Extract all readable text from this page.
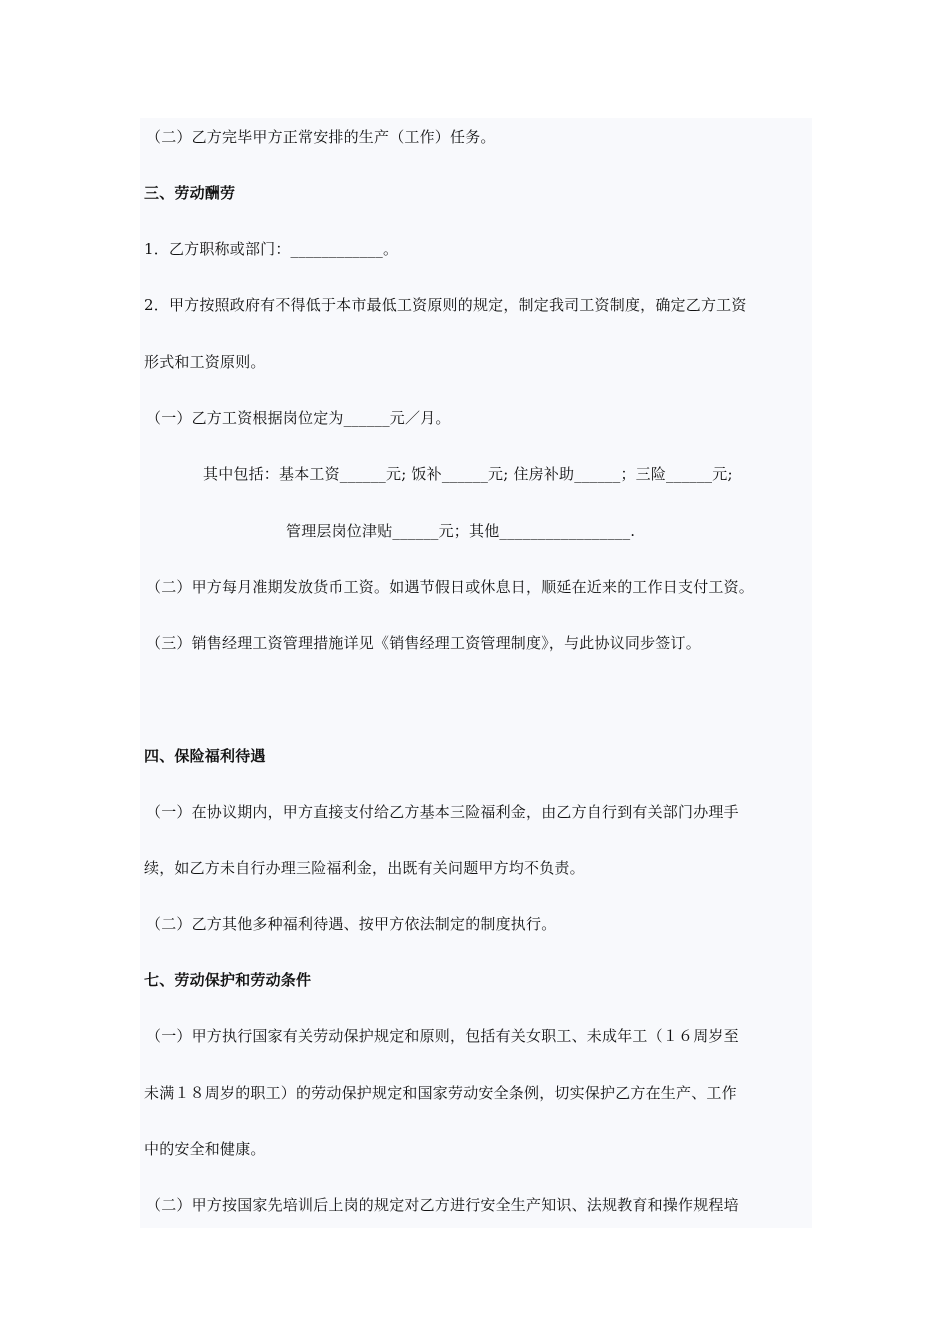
（二）乙方完毕甲方正常安排的生产（工作）任务。
三、劳动酬劳
1．乙方职称或部门：____________。
2．甲方按照政府有不得低于本市最低工资原则的规定，制定我司工资制度，确定乙方工资
形式和工资原则。
（一）乙方工资根据岗位定为______元／月。
其中包括：基本工资______元; 饭补______元; 住房补助______；三险______元;
管理层岗位津贴______元；其他_________________.
（二）甲方每月准期发放货币工资。如遇节假日或休息日，顺延在近来的工作日支付工资。
（三）销售经理工资管理措施详见《销售经理工资管理制度》，与此协议同步签订。
四、保险福利待遇
（一）在协议期内，甲方直接支付给乙方基本三险福利金，由乙方自行到有关部门办理手
续，如乙方未自行办理三险福利金，出既有关问题甲方均不负责。
（二）乙方其他多种福利待遇、按甲方依法制定的制度执行。
七、劳动保护和劳动条件
（一）甲方执行国家有关劳动保护规定和原则，包括有关女职工、未成年工（１６周岁至
未满１８周岁的职工）的劳动保护规定和国家劳动安全条例，切实保护乙方在生产、工作
中的安全和健康。
（二）甲方按国家先培训后上岗的规定对乙方进行安全生产知识、法规教育和操作规程培
